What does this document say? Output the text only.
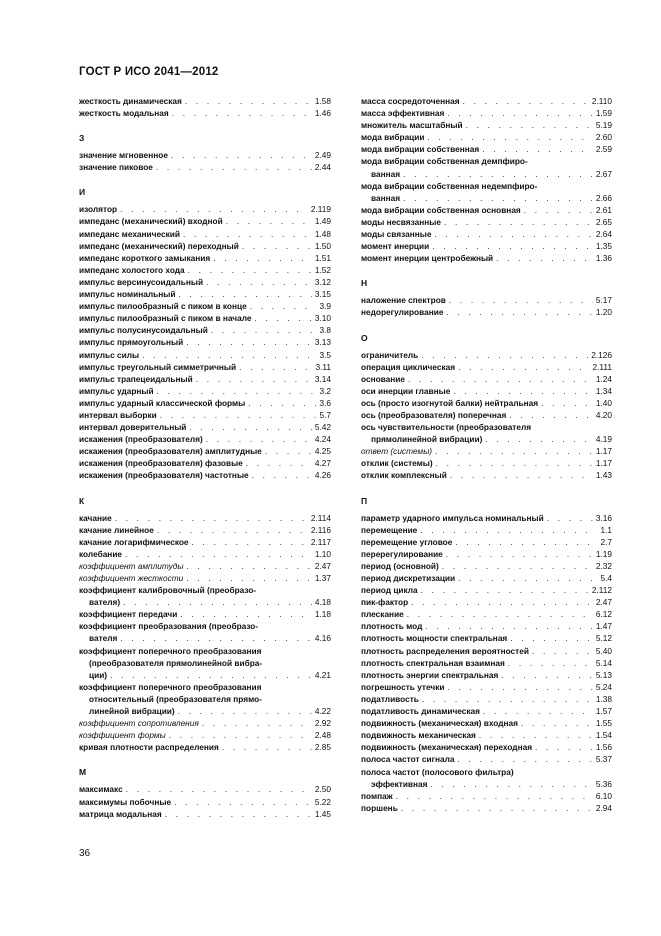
ГОСТ Р ИСО 2041—2012
жесткость динамическая . . .	1.58
жесткость модальная . . .	1.46
З
значение мгновенное . . .	2.49
значение пиковое . . .	2.44
И
изолятор . . .	2.119
импеданс (механический) входной . . .	1.49
импеданс механический . . .	1.48
импеданс (механический) переходный . . .	1.50
импеданс короткого замыкания . . .	1.51
импеданс холостого хода . . .	1.52
импульс версинусоидальный . . .	3.12
импульс номинальный . . .	3.15
импульс пилообразный с пиком в конце . . .	3.9
импульс пилообразный с пиком в начале . . .	3.10
импульс полусинусоидальный . . .	3.8
импульс прямоугольный . . .	3.13
импульс силы . . .	3.5
импульс треугольный симметричный . . .	3.11
импульс трапецеидальный . . .	3.14
импульс ударный . . .	3.2
импульс ударный классической формы . . .	3.6
интервал выборки . . .	5.7
интервал доверительный . . .	5.42
искажения (преобразователя) . . .	4.24
искажения (преобразователя) амплитудные . . .	4.25
искажения (преобразователя) фазовые . . .	4.27
искажения (преобразователя) частотные . . .	4.26
К
качание . . .	2.114
качание линейное . . .	2.116
качание логарифмическое . . .	2.117
колебание . . .	1.10
коэффициент амплитуды . . .	2.47
коэффициент жесткости . . .	1.37
коэффициент калибровочный (преобразо-
вателя) . . .	4.18
коэффициент передачи . . .	1.18
коэффициент преобразования (преобразо-
вателя . . .	4.16
коэффициент поперечного преобразования
(преобразователя прямолинейной вибра-
ции) . . .	4.21
коэффициент поперечного преобразования
относительный (преобразователя прямо-
линейной вибрации) . . .	4.22
коэффициент сопротивления . . .	2.92
коэффициент формы . . .	2.48
кривая плотности распределения . . .	2.85
М
максимакс . . .	2.50
максимумы побочные . . .	5.22
матрица модальная . . .	1.45
масса сосредоточенная . . .	2.110
масса эффективная . . .	1.59
множитель масштабный . . .	5.19
мода вибрации . . .	2.60
мода вибрации собственная . . .	2.59
мода вибрации собственная демпфиро-
ванная . . .	2.67
мода вибрации собственная недемпфиро-
ванная . . .	2.66
мода вибрации собственная основная . . .	2.61
моды несвязанные . . .	2.65
моды связанные . . .	2.64
момент инерции . . .	1.35
момент инерции центробежный . . .	1.36
Н
наложение спектров . . .	5.17
недорегулирование . . .	1.20
О
ограничитель . . .	2.126
операция циклическая . . .	2.111
основание . . .	1.24
оси инерции главные . . .	1.34
ось (просто изогнутой балки) нейтральная . . .	1.40
ось (преобразователя) поперечная . . .	4.20
ось чувствительности (преобразователя
прямолинейной вибрации) . . .	4.19
ответ (системы) . . .	1.17
отклик (системы) . . .	1.17
отклик комплексный . . .	1.43
П
параметр ударного импульса номинальный . . .	3.16
перемещение . . .	1.1
перемещение угловое . . .	2.7
перерегулирование . . .	1.19
период (основной) . . .	2.32
период дискретизации . . .	5.4
период цикла . . .	2.112
пик-фактор . . .	2.47
плескание . . .	6.12
плотность мод . . .	1.47
плотность мощности спектральная . . .	5.12
плотность распределения вероятностей . . .	5.40
плотность спектральная взаимная . . .	5.14
плотность энергии спектральная . . .	5.13
погрешность утечки . . .	5.24
податливость . . .	1.38
податливость динамическая . . .	1.57
подвижность (механическая) входная . . .	1.55
подвижность механическая . . .	1.54
подвижность (механическая) переходная . . .	1.56
полоса частот сигнала . . .	5.37
полоса частот (полосового фильтра)
эффективная . . .	5.36
помпаж . . .	6.10
поршень . . .	2.94
36
